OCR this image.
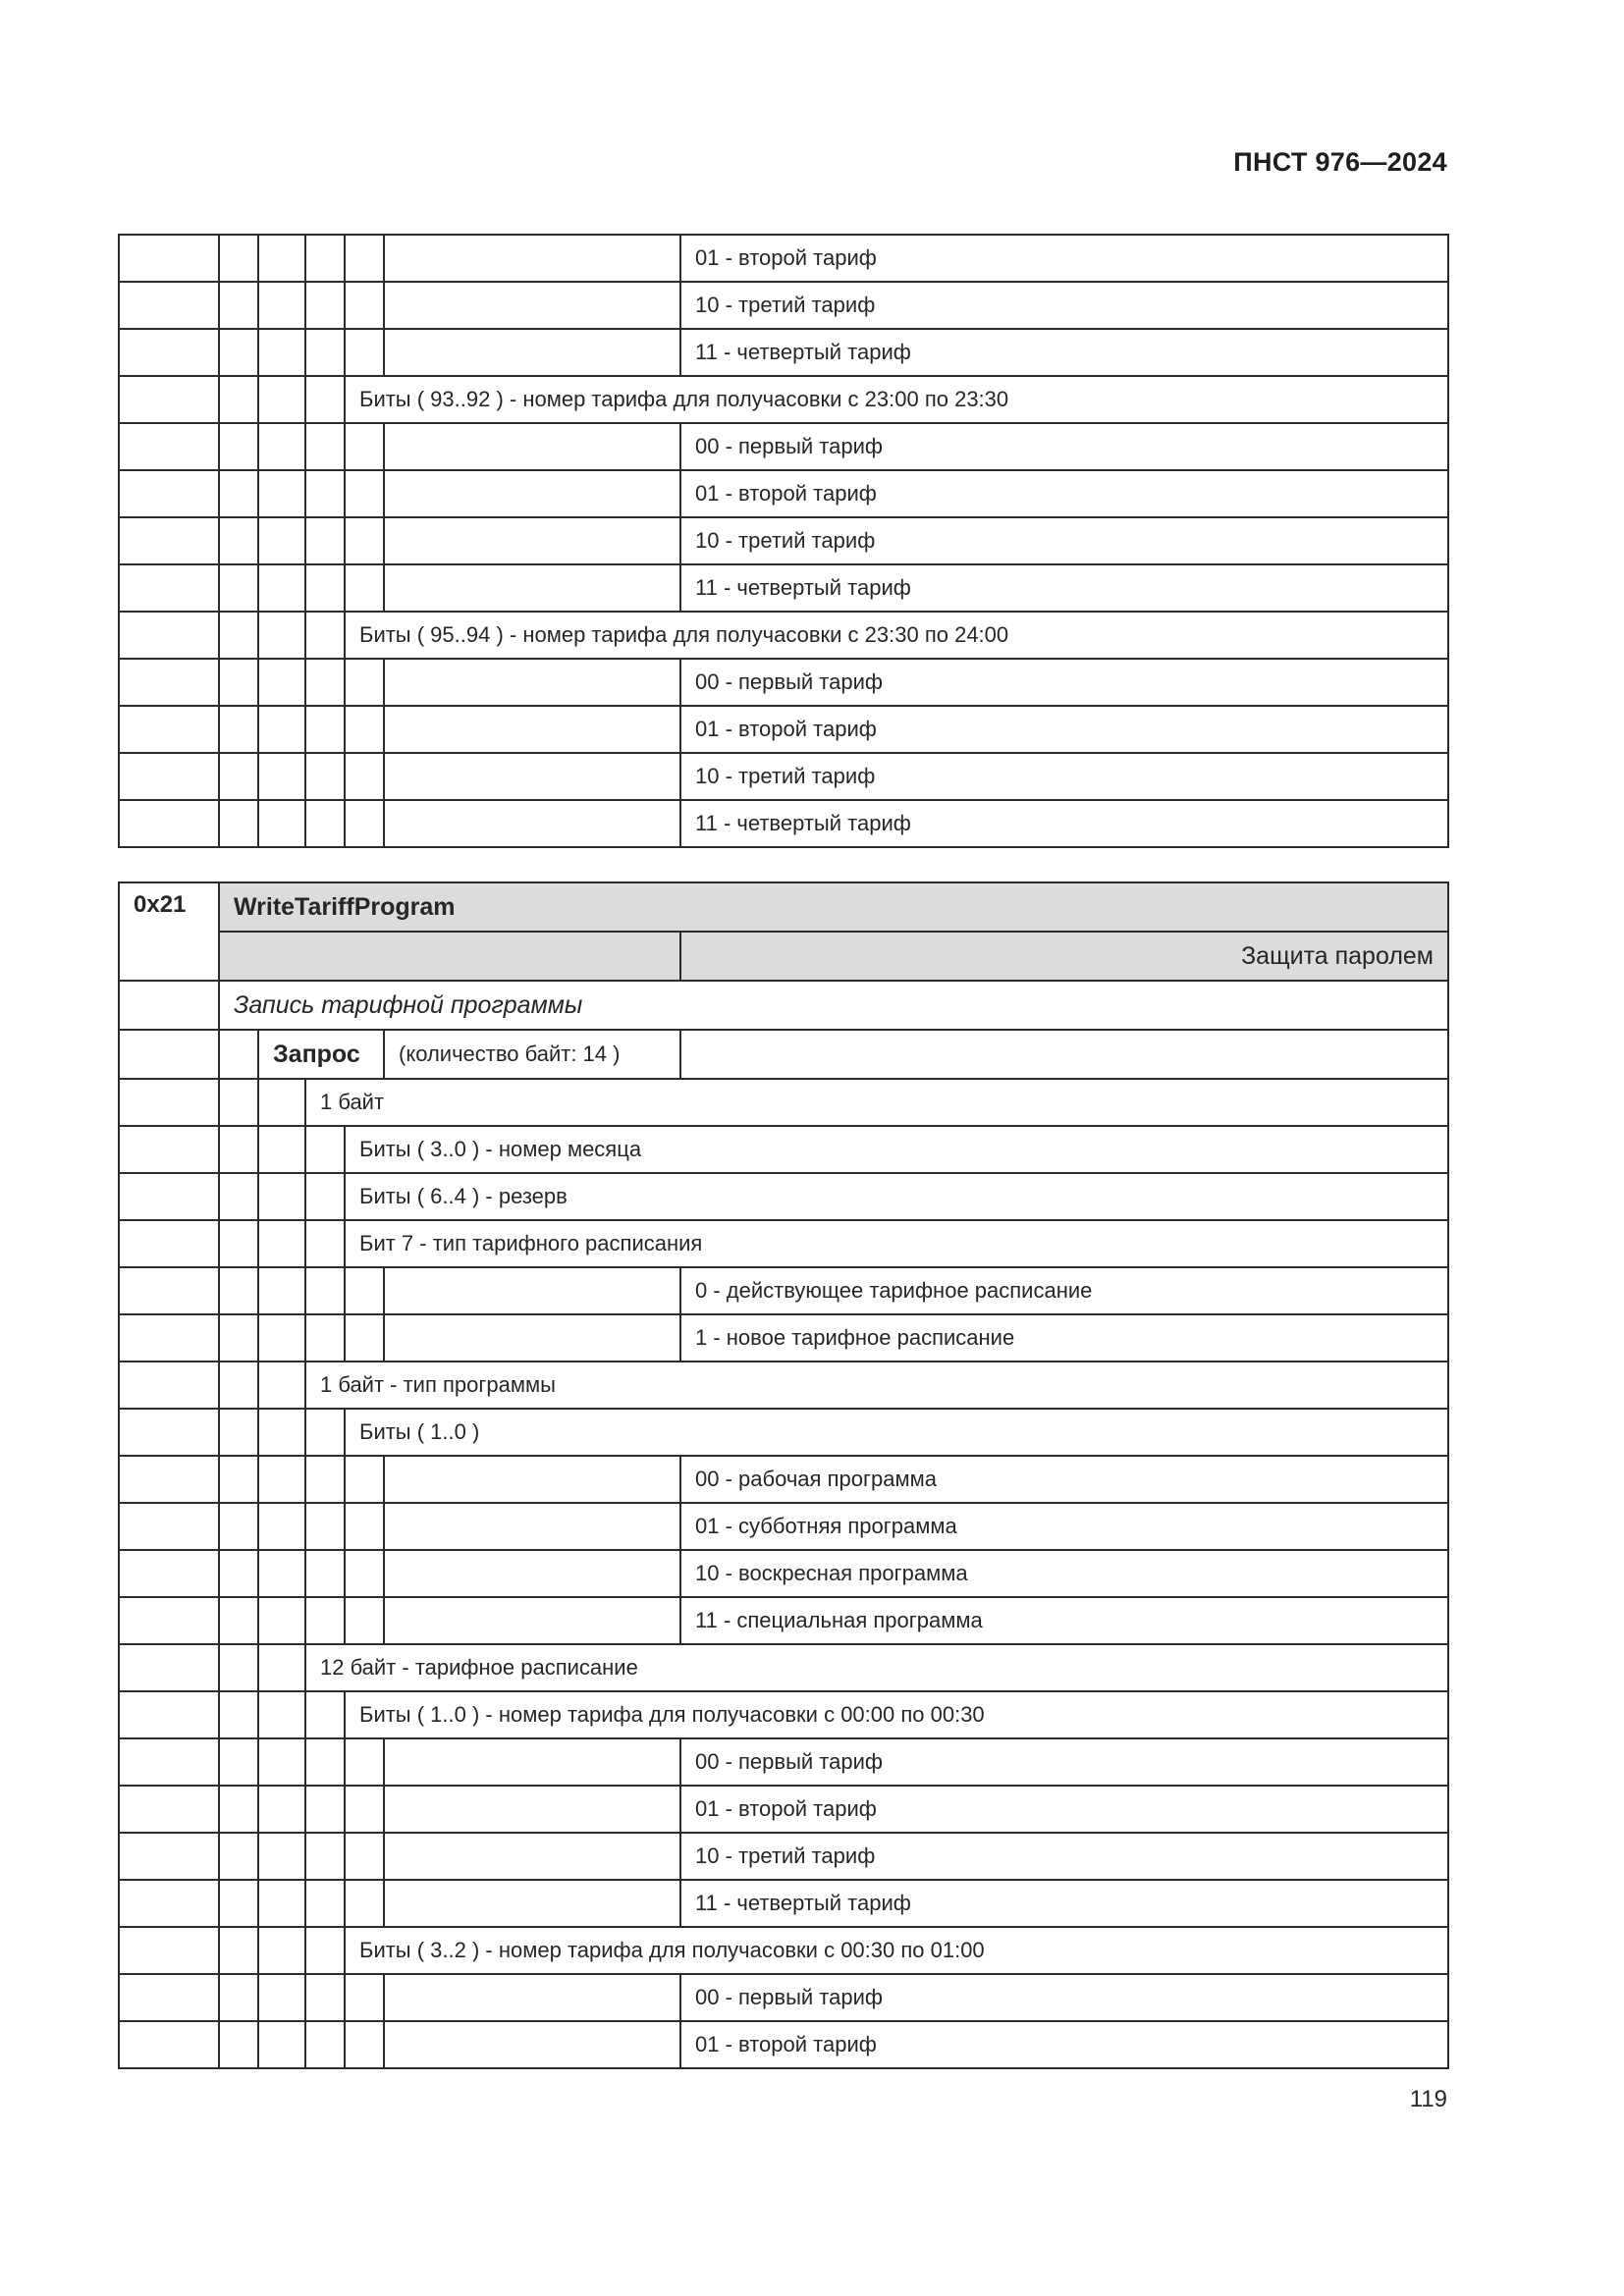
ПНСТ 976—2024
						01 - второй тариф
						10 - третий тариф
						11 - четвертый тариф
				Биты ( 93..92 ) - номер тарифа для получасовки с 23:00 по 23:30		
						00 - первый тариф
						01 - второй тариф
						10 - третий тариф
						11 - четвертый тариф
				Биты ( 95..94 ) - номер тарифа для получасовки с 23:30 по 24:00		
						00 - первый тариф
						01 - второй тариф
						10 - третий тариф
						11 - четвертый тариф
0x21	WriteTariffProgram					
						Защита паролем
	Запись тарифной программы					
		Запрос			(количество байт: 14 )	
			1 байт			
				Биты ( 3..0 ) - номер месяца		
				Биты ( 6..4 ) - резерв		
				Бит 7 - тип тарифного расписания		
						0 - действующее тарифное расписание
						1 - новое тарифное расписание
			1 байт - тип программы			
				Биты ( 1..0 )		
						00 - рабочая программа
						01 - субботняя программа
						10 - воскресная программа
						11 - специальная программа
			12 байт - тарифное расписание			
				Биты ( 1..0 ) - номер тарифа для получасовки с 00:00 по 00:30		
						00 - первый тариф
						01 - второй тариф
						10 - третий тариф
						11 - четвертый тариф
				Биты ( 3..2 ) - номер тарифа для получасовки с 00:30 по 01:00		
						00 - первый тариф
						01 - второй тариф
119
